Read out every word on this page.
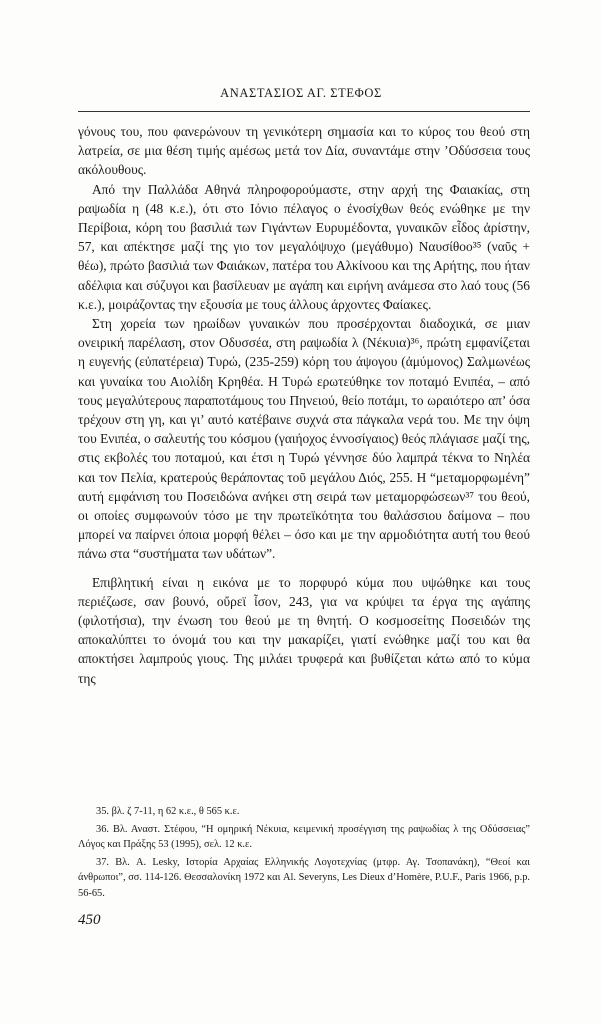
ΑΝΑΣΤΑΣΙΟΣ ΑΓ. ΣΤΕΦΟΣ

γόνους του, που φανερώνουν τη γενικότερη σημασία και το κύρος του θεού στη λατρεία, σε μια θέση τιμής αμέσως μετά τον Δία, συναντάμε στην ’Οδύσσεια τους ακόλουθους.

Από την Παλλάδα Αθηνά πληροφορούμαστε, στην αρχή της Φαιακίας, στη ραψωδία η (48 κ.ε.), ότι στο Ιόνιο πέλαγος ο ἐνοσίχθων θεός ενώθηκε με την Περίβοια, κόρη του βασιλιά των Γιγάντων Ευρυμέδοντα, γυναικῶν εἶδος ἀρίστην, 57, και απέκτησε μαζί της γιο τον μεγαλόψυχο (μεγάθυμο) Ναυσίθοο³⁵ (ναῦς + θέω), πρώτο βασιλιά των Φαιάκων, πατέρα του Αλκίνοου και της Αρήτης, που ήταν αδέλφια και σύζυγοι και βασίλευαν με αγάπη και ειρήνη ανάμεσα στο λαό τους (56 κ.ε.), μοιράζοντας την εξουσία με τους άλλους άρχοντες Φαίακες.

Στη χορεία των ηρωίδων γυναικών που προσέρχονται διαδοχικά, σε μιαν ονειρική παρέλαση, στον Οδυσσέα, στη ραψωδία λ (Νέκυια)³⁶, πρώτη εμφανίζεται η ευγενής (εὐπατέρεια) Τυρώ, (235-259) κόρη του άψογου (ἀμύμονος) Σαλμωνέως και γυναίκα του Αιολίδη Κρηθέα. Η Τυρώ ερωτεύθηκε τον ποταμό Ενιπέα, – από τους μεγαλύτερους παραποτάμους του Πηνειού, θείο ποτάμι, το ωραιότερο απ’ όσα τρέχουν στη γη, και γι’ αυτό κατέβαινε συχνά στα πάγκαλα νερά του. Με την όψη του Ενιπέα, ο σαλευτής του κόσμου (γαιήοχος ἐννοσίγαιος) θεός πλάγιασε μαζί της, στις εκβολές του ποταμού, και έτσι η Τυρώ γέννησε δύο λαμπρά τέκνα το Νηλέα και τον Πελία, κρατερούς θεράποντας τοῦ μεγάλου Διός, 255. Η “μεταμορφωμένη” αυτή εμφάνιση του Ποσειδώνα ανήκει στη σειρά των μεταμορφώσεων³⁷ του θεού, οι οποίες συμφωνούν τόσο με την πρωτεϊκότητα του θαλάσσιου δαίμονα – που μπορεί να παίρνει όποια μορφή θέλει – όσο και με την αρμοδιότητα αυτή του θεού πάνω στα “συστήματα των υδάτων”.

Επιβλητική είναι η εικόνα με το πορφυρό κύμα που υψώθηκε και τους περιέζωσε, σαν βουνό, οὔρεϊ ἶσον, 243, για να κρύψει τα έργα της αγάπης (φιλοτήσια), την ένωση του θεού με τη θνητή. Ο κοσμοσείτης Ποσειδών της αποκαλύπτει το όνομά του και την μακαρίζει, γιατί ενώθηκε μαζί του και θα αποκτήσει λαμπρούς γιους. Της μιλάει τρυφερά και βυθίζεται κάτω από το κύμα της

35. βλ. ζ 7-11, η 62 κ.ε., θ 565 κ.ε.

36. Βλ. Αναστ. Στέφου, “Η ομηρική Νέκυια, κειμενική προσέγγιση της ραψωδίας λ της Οδύσσειας” Λόγος και Πράξης 53 (1995), σελ. 12 κ.ε.

37. Βλ. A. Lesky, Ιστορία Αρχαίας Ελληνικής Λογοτεχνίας (μτφρ. Αγ. Τσοπανάκη), “Θεοί και άνθρωποι”, σσ. 114-126. Θεσσαλονίκη 1972 και Al. Severyns, Les Dieux d’Homère, P.U.F., Paris 1966, p.p. 56-65.

450
